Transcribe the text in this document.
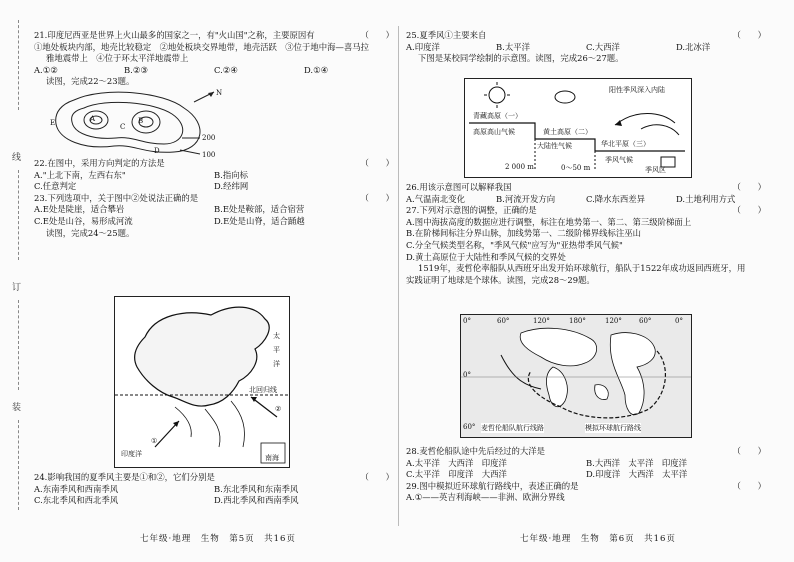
线
订
装
21.印度尼西亚是世界上火山最多的国家之一，有"火山国"之称，主要原因有	（　　）
①地处板块内部，地壳比较稳定　②地处板块交界地带，地壳活跃　③位于地中海—喜马拉
雅地震带上　④位于环太平洋地震带上
A.①②	B.②③	C.②④	D.①④
读图，完成22～23题。
A	B
C
D
E
N
200
100
22.在图中，采用方向判定的方法是	（　　）
A."上北下南，左西右东"	B.指向标
C.任意判定	D.经纬网
23.下列选项中，关于图中②处说法正确的是	（　　）
A.E处是陡崖，适合攀岩	B.E处是鞍部，适合宿营
C.E处是山谷，易形成河流	D.E处是山脊，适合踊越
读图，完成24～25题。
印度洋
太
平
洋
北回归线
①
②
南海
24.影响我国的夏季风主要是①和②，它们分别是	（　　）
A.东南季风和西南季风	B.东北季风和东南季风
C.东北季风和西北季风	D.西北季风和西南季风
七年级·地理　生物　第5页　共16页
25.夏季风①主要来自	（　　）
A.印度洋	B.太平洋	C.大西洋	D.北冰洋
下图是某校同学绘制的示意图。读图，完成26～27题。
青藏高原（一）
高原高山气候	黄土高原（二）
大陆性气候	华北平原（三）
季风气候
阳性季风深入内陆
2 000 m	0～50 m	季风区
26.用该示意图可以解释我国	（　　）
A.气温南北变化	B.河流开发方向	C.降水东西差异	D.土地利用方式
27.下列对示意图的调整，正确的是	（　　）
A.图中海拔高度的数据应进行调整，标注在地势第一、第二、第三级阶梯面上
B.在阶梯间标注分界山脉，加线势第一、二级阶梯界线标注巫山
C.分全气候类型名称，"季风气候"应写为"亚热带季风气候"
D.黄土高原位于大陆性和季风气候的交界处
1519年，麦哲伦率船队从西班牙出发开始环球航行，船队于1522年成功返回西班牙，用
实践证明了地球是个球体。读图，完成28～29题。
0°	60°	120°	180°	120° 60°	0°
0°
60° 麦哲伦船队航行线路	模拟环球航行路线
28.麦哲伦船队途中先后经过的大洋是	（　　）
A.太平洋　大西洋　印度洋	B.大西洋　太平洋　印度洋
C.太平洋　印度洋　大西洋	D.印度洋　大西洋　太平洋
29.图中模拟近环球航行路线中，表述正确的是	（　　）
A.①——英吉利海峡——非洲、欧洲分界线
七年级·地理　生物　第6页　共16页
